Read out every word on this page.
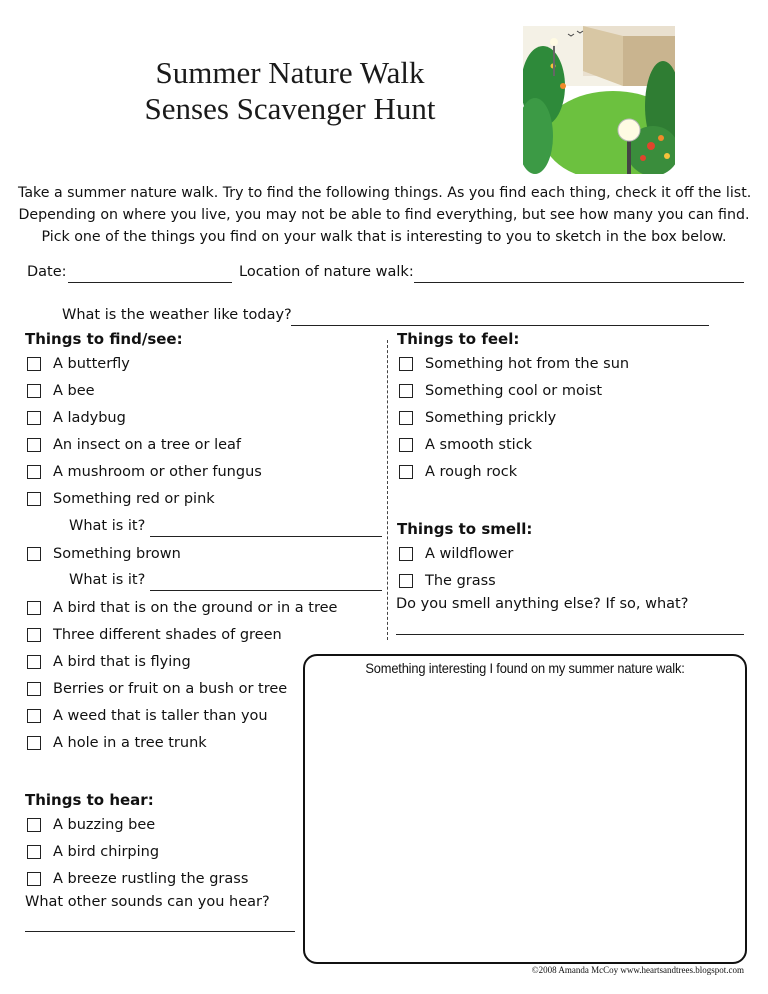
Summer Nature Walk
Senses Scavenger Hunt
Take a summer nature walk. Try to find the following things. As you find each thing, check it off the list.
Depending on where you live, you may not be able to find everything, but see how many you can find.
Pick one of the things you find on your walk that is interesting to you to sketch in the box below.
Date:	Location of nature walk:
What is the weather like today?
Things to find/see:
A butterfly
A bee
A ladybug
An insect on a tree or leaf
A mushroom or other fungus
Something red or pink
What is it?
Something brown
What is it?
A bird that is on the ground or in a tree
Three different shades of green
A bird that is flying
Berries or fruit on a bush or tree
A weed that is taller than you
A hole in a tree trunk
Things to hear:
A buzzing bee
A bird chirping
A breeze rustling the grass
What other sounds can you hear?
Things to feel:
Something hot from the sun
Something cool or moist
Something prickly
A smooth stick
A rough rock
Things to smell:
A wildflower
The grass
Do you smell anything else? If so, what?
Something interesting I found on my summer nature walk:
©2008 Amanda McCoy www.heartsandtrees.blogspot.com
